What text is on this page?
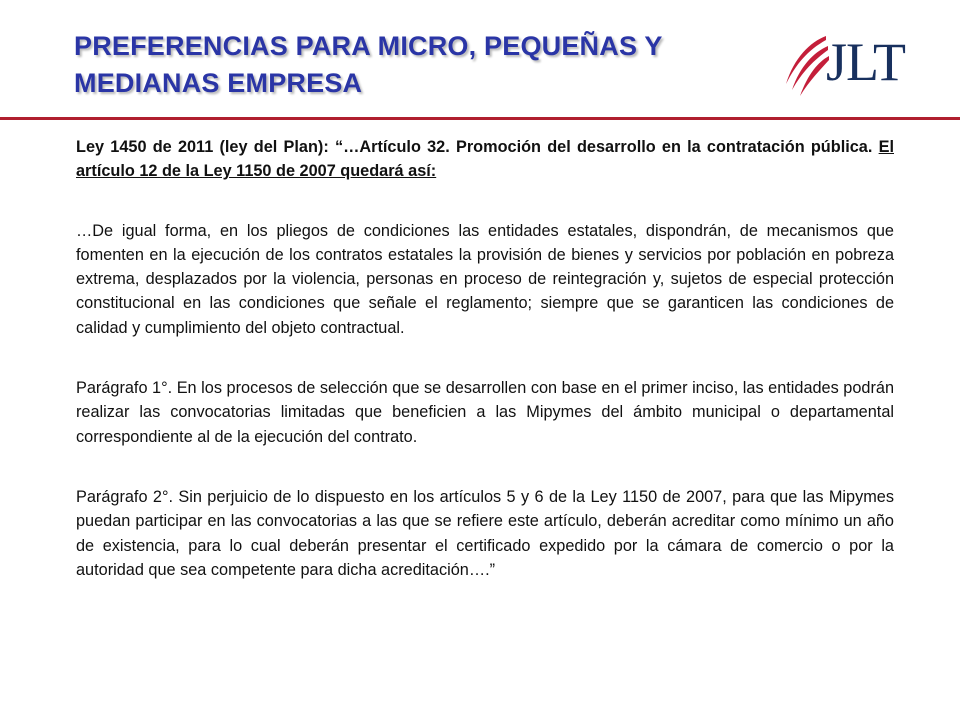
PREFERENCIAS PARA MICRO, PEQUEÑAS Y MEDIANAS EMPRESA	JLT

Ley 1450 de 2011 (ley del Plan): “…Artículo 32. Promoción del desarrollo en la contratación pública. El artículo 12 de la Ley 1150 de 2007 quedará así:

…De igual forma, en los pliegos de condiciones las entidades estatales, dispondrán, de mecanismos que fomenten en la ejecución de los contratos estatales la provisión de bienes y servicios por población en pobreza extrema, desplazados por la violencia, personas en proceso de reintegración y, sujetos de especial protección constitucional en las condiciones que señale el reglamento; siempre que se garanticen las condiciones de calidad y cumplimiento del objeto contractual.

Parágrafo 1°. En los procesos de selección que se desarrollen con base en el primer inciso, las entidades podrán realizar las convocatorias limitadas que beneficien a las Mipymes del ámbito municipal o departamental correspondiente al de la ejecución del contrato.

Parágrafo 2°. Sin perjuicio de lo dispuesto en los artículos 5 y 6 de la Ley 1150 de 2007, para que las Mipymes puedan participar en las convocatorias a las que se refiere este artículo, deberán acreditar como mínimo un año de existencia, para lo cual deberán presentar el certificado expedido por la cámara de comercio o por la autoridad que sea competente para dicha acreditación….”
